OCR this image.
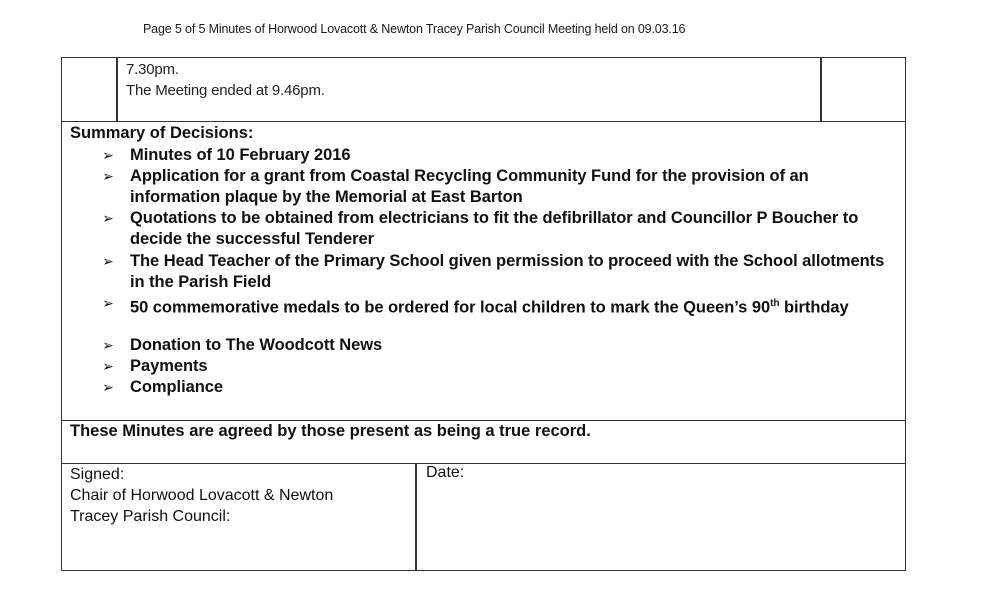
Page 5 of 5 Minutes of Horwood Lovacott & Newton Tracey Parish Council Meeting held on 09.03.16
7.30pm.
The Meeting ended at 9.46pm.
Summary of Decisions:
➢ Minutes of 10 February 2016
➢ Application for a grant from Coastal Recycling Community Fund for the provision of an information plaque by the Memorial at East Barton
➢ Quotations to be obtained from electricians to fit the defibrillator and Councillor P Boucher to decide the successful Tenderer
➢ The Head Teacher of the Primary School given permission to proceed with the School allotments in the Parish Field
➢ 50 commemorative medals to be ordered for local children to mark the Queen’s 90th birthday
➢ Donation to The Woodcott News
➢ Payments
➢ Compliance
These Minutes are agreed by those present as being a true record.
Signed:
Chair of Horwood Lovacott & Newton
Tracey Parish Council:
Date:
